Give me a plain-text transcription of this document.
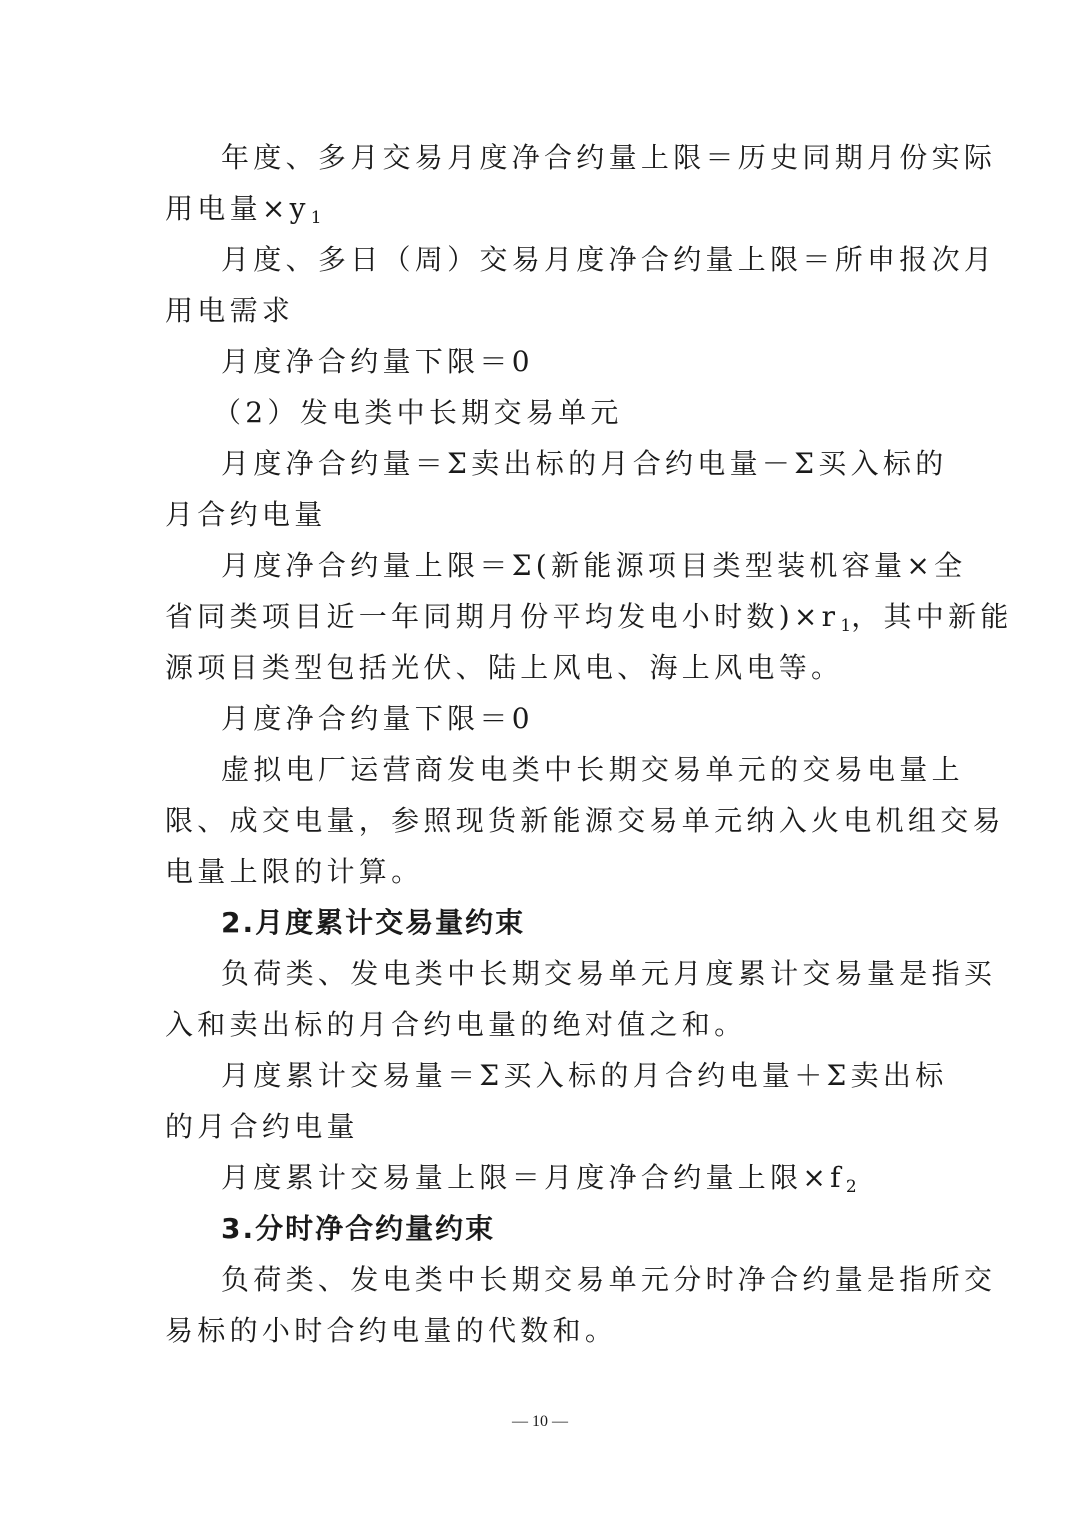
年度、多月交易月度净合约量上限＝历史同期月份实际
用电量$\times y_1$
月度、多日（周）交易月度净合约量上限＝所申报次月
用电需求
月度净合约量下限＝0
（2）发电类中长期交易单元
月度净合约量＝Σ卖出标的月合约电量－Σ买入标的
月合约电量
月度净合约量上限＝Σ(新能源项目类型装机容量×全
省同类项目近一年同期月份平均发电小时数)$\times r_1$，其中新能
源项目类型包括光伏、陆上风电、海上风电等。
月度净合约量下限＝0
虚拟电厂运营商发电类中长期交易单元的交易电量上
限、成交电量，参照现货新能源交易单元纳入火电机组交易
电量上限的计算。
2.月度累计交易量约束
负荷类、发电类中长期交易单元月度累计交易量是指买
入和卖出标的月合约电量的绝对值之和。
月度累计交易量＝Σ买入标的月合约电量＋Σ卖出标
的月合约电量
月度累计交易量上限＝月度净合约量上限$\times f_2$
3.分时净合约量约束
负荷类、发电类中长期交易单元分时净合约量是指所交
易标的小时合约电量的代数和。
— 10 —
